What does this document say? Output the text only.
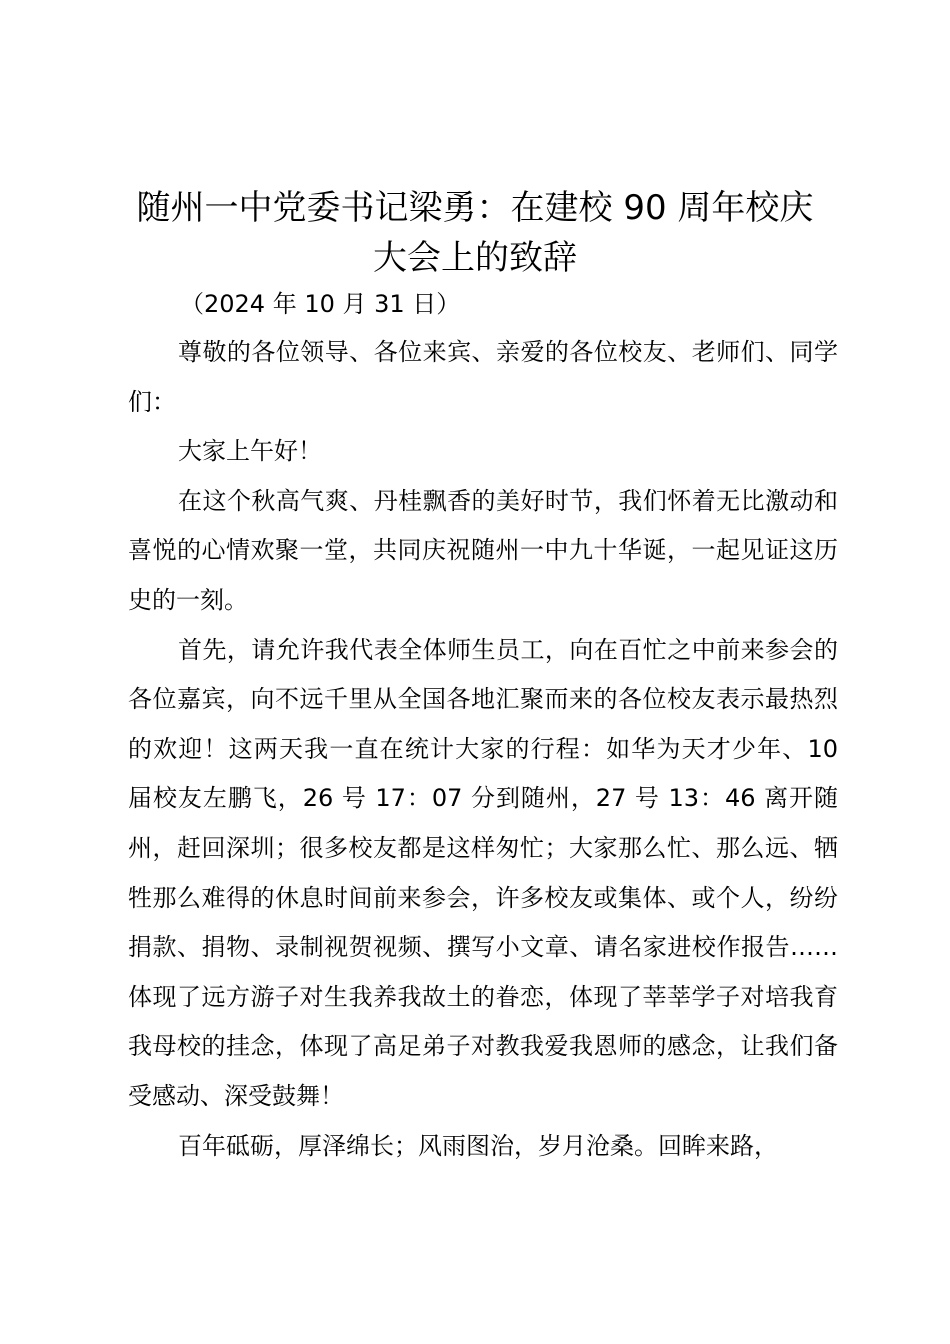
随州一中党委书记梁勇：在建校 90 周年校庆
大会上的致辞
（2024 年 10 月 31 日）

尊敬的各位领导、各位来宾、亲爱的各位校友、老师们、同学们：

大家上午好！

在这个秋高气爽、丹桂飘香的美好时节，我们怀着无比激动和喜悦的心情欢聚一堂，共同庆祝随州一中九十华诞，一起见证这历史的一刻。

首先，请允许我代表全体师生员工，向在百忙之中前来参会的各位嘉宾，向不远千里从全国各地汇聚而来的各位校友表示最热烈的欢迎！这两天我一直在统计大家的行程：如华为天才少年、10 届校友左鹏飞，26 号 17：07 分到随州，27 号 13：46 离开随州，赶回深圳；很多校友都是这样匆忙；大家那么忙、那么远、牺牲那么难得的休息时间前来参会，许多校友或集体、或个人，纷纷捐款、捐物、录制视贺视频、撰写小文章、请名家进校作报告……体现了远方游子对生我养我故土的眷恋，体现了莘莘学子对培我育我母校的挂念，体现了高足弟子对教我爱我恩师的感念，让我们备受感动、深受鼓舞！

百年砥砺，厚泽绵长；风雨图治，岁月沧桑。回眸来路，
